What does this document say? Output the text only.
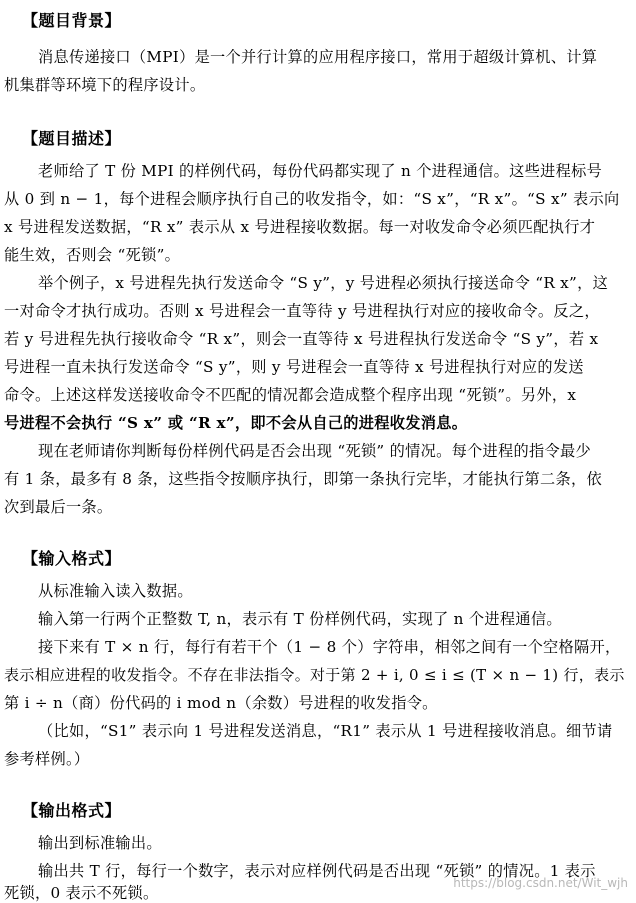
【题目背景】
消息传递接口（MPI）是一个并行计算的应用程序接口，常用于超级计算机、计算
机集群等环境下的程序设计。
【题目描述】
老师给了 T 份 MPI 的样例代码，每份代码都实现了 n 个进程通信。这些进程标号
从 0 到 n − 1，每个进程会顺序执行自己的收发指令，如：“S x”，“R x”。“S x” 表示向
x 号进程发送数据，“R x” 表示从 x 号进程接收数据。每一对收发命令必须匹配执行才
能生效，否则会 “死锁”。
举个例子，x 号进程先执行发送命令 “S y”，y 号进程必须执行接送命令 “R x”，这
一对命令才执行成功。否则 x 号进程会一直等待 y 号进程执行对应的接收命令。反之，
若 y 号进程先执行接收命令 “R x”，则会一直等待 x 号进程执行发送命令 “S y”，若 x
号进程一直未执行发送命令 “S y”，则 y 号进程会一直等待 x 号进程执行对应的发送
命令。上述这样发送接收命令不匹配的情况都会造成整个程序出现 “死锁”。另外，x
号进程不会执行 “S x” 或 “R x”，即不会从自己的进程收发消息。
现在老师请你判断每份样例代码是否会出现 “死锁” 的情况。每个进程的指令最少
有 1 条，最多有 8 条，这些指令按顺序执行，即第一条执行完毕，才能执行第二条，依
次到最后一条。
【输入格式】
从标准输入读入数据。
输入第一行两个正整数 T, n，表示有 T 份样例代码，实现了 n 个进程通信。
接下来有 T × n 行，每行有若干个（1 − 8 个）字符串，相邻之间有一个空格隔开，
表示相应进程的收发指令。不存在非法指令。对于第 2 + i, 0 ≤ i ≤ (T × n − 1) 行，表示
第 i ÷ n（商）份代码的 i mod n（余数）号进程的收发指令。
（比如，“S1” 表示向 1 号进程发送消息，“R1” 表示从 1 号进程接收消息。细节请
参考样例。）
【输出格式】
输出到标准输出。
输出共 T 行，每行一个数字，表示对应样例代码是否出现 “死锁” 的情况。1 表示
死锁，0 表示不死锁。
https://blog.csdn.net/Wit_wjh
